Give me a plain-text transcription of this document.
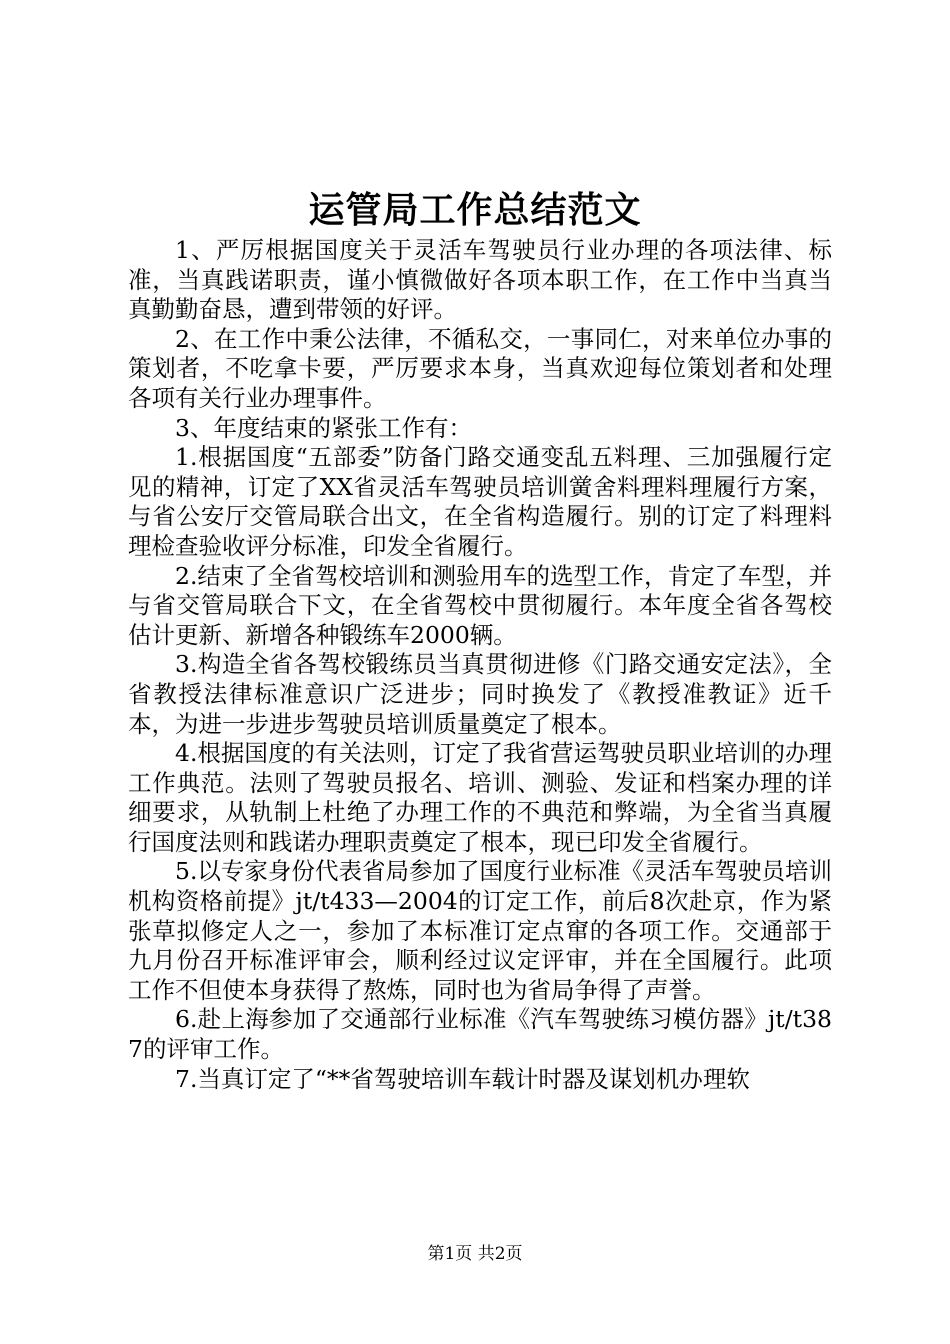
运管局工作总结范文

1、严厉根据国度关于灵活车驾驶员行业办理的各项法律、标准，当真践诺职责，谨小慎微做好各项本职工作，在工作中当真当真勤勤奋恳，遭到带领的好评。

2、在工作中秉公法律，不循私交，一事同仁，对来单位办事的策划者，不吃拿卡要，严厉要求本身，当真欢迎每位策划者和处理各项有关行业办理事件。

3、年度结束的紧张工作有：

1.根据国度“五部委”防备门路交通变乱五料理、三加强履行定见的精神，订定了XX省灵活车驾驶员培训黉舍料理料理履行方案，与省公安厅交管局联合出文，在全省构造履行。别的订定了料理料理检查验收评分标准，印发全省履行。

2.结束了全省驾校培训和测验用车的选型工作，肯定了车型，并与省交管局联合下文，在全省驾校中贯彻履行。本年度全省各驾校估计更新、新增各种锻练车2000辆。

3.构造全省各驾校锻练员当真贯彻进修《门路交通安定法》，全省教授法律标准意识广泛进步；同时换发了《教授准教证》近千本，为进一步进步驾驶员培训质量奠定了根本。

4.根据国度的有关法则，订定了我省营运驾驶员职业培训的办理工作典范。法则了驾驶员报名、培训、测验、发证和档案办理的详细要求，从轨制上杜绝了办理工作的不典范和弊端，为全省当真履行国度法则和践诺办理职责奠定了根本，现已印发全省履行。

5.以专家身份代表省局参加了国度行业标准《灵活车驾驶员培训机构资格前提》jt/t433—2004的订定工作，前后8次赴京，作为紧张草拟修定人之一，参加了本标准订定点窜的各项工作。交通部于九月份召开标准评审会，顺利经过议定评审，并在全国履行。此项工作不但使本身获得了熬炼，同时也为省局争得了声誉。

6.赴上海参加了交通部行业标准《汽车驾驶练习模仿器》jt/t387的评审工作。

7.当真订定了“**省驾驶培训车载计时器及谋划机办理软

第1页 共2页
